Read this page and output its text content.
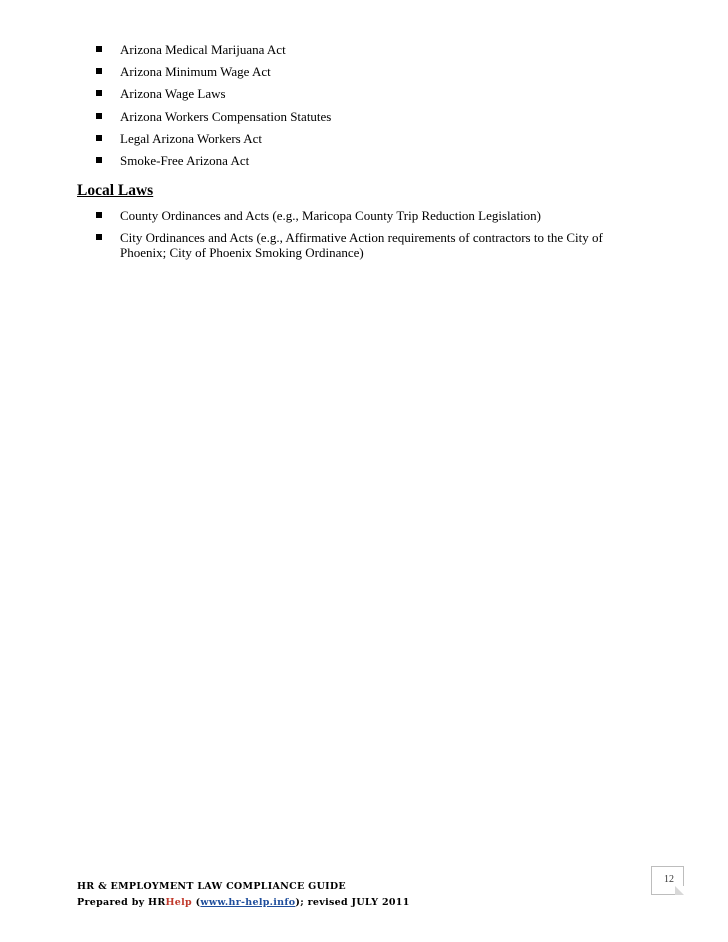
Arizona Medical Marijuana Act
Arizona Minimum Wage Act
Arizona Wage Laws
Arizona Workers Compensation Statutes
Legal Arizona Workers Act
Smoke-Free Arizona Act
Local Laws
County Ordinances and Acts (e.g., Maricopa County Trip Reduction Legislation)
City Ordinances and Acts (e.g., Affirmative Action requirements of contractors to the City of Phoenix; City of Phoenix Smoking Ordinance)
12
HR & EMPLOYMENT LAW COMPLIANCE GUIDE
Prepared by HRHelp (www.hr-help.info); revised JULY 2011
